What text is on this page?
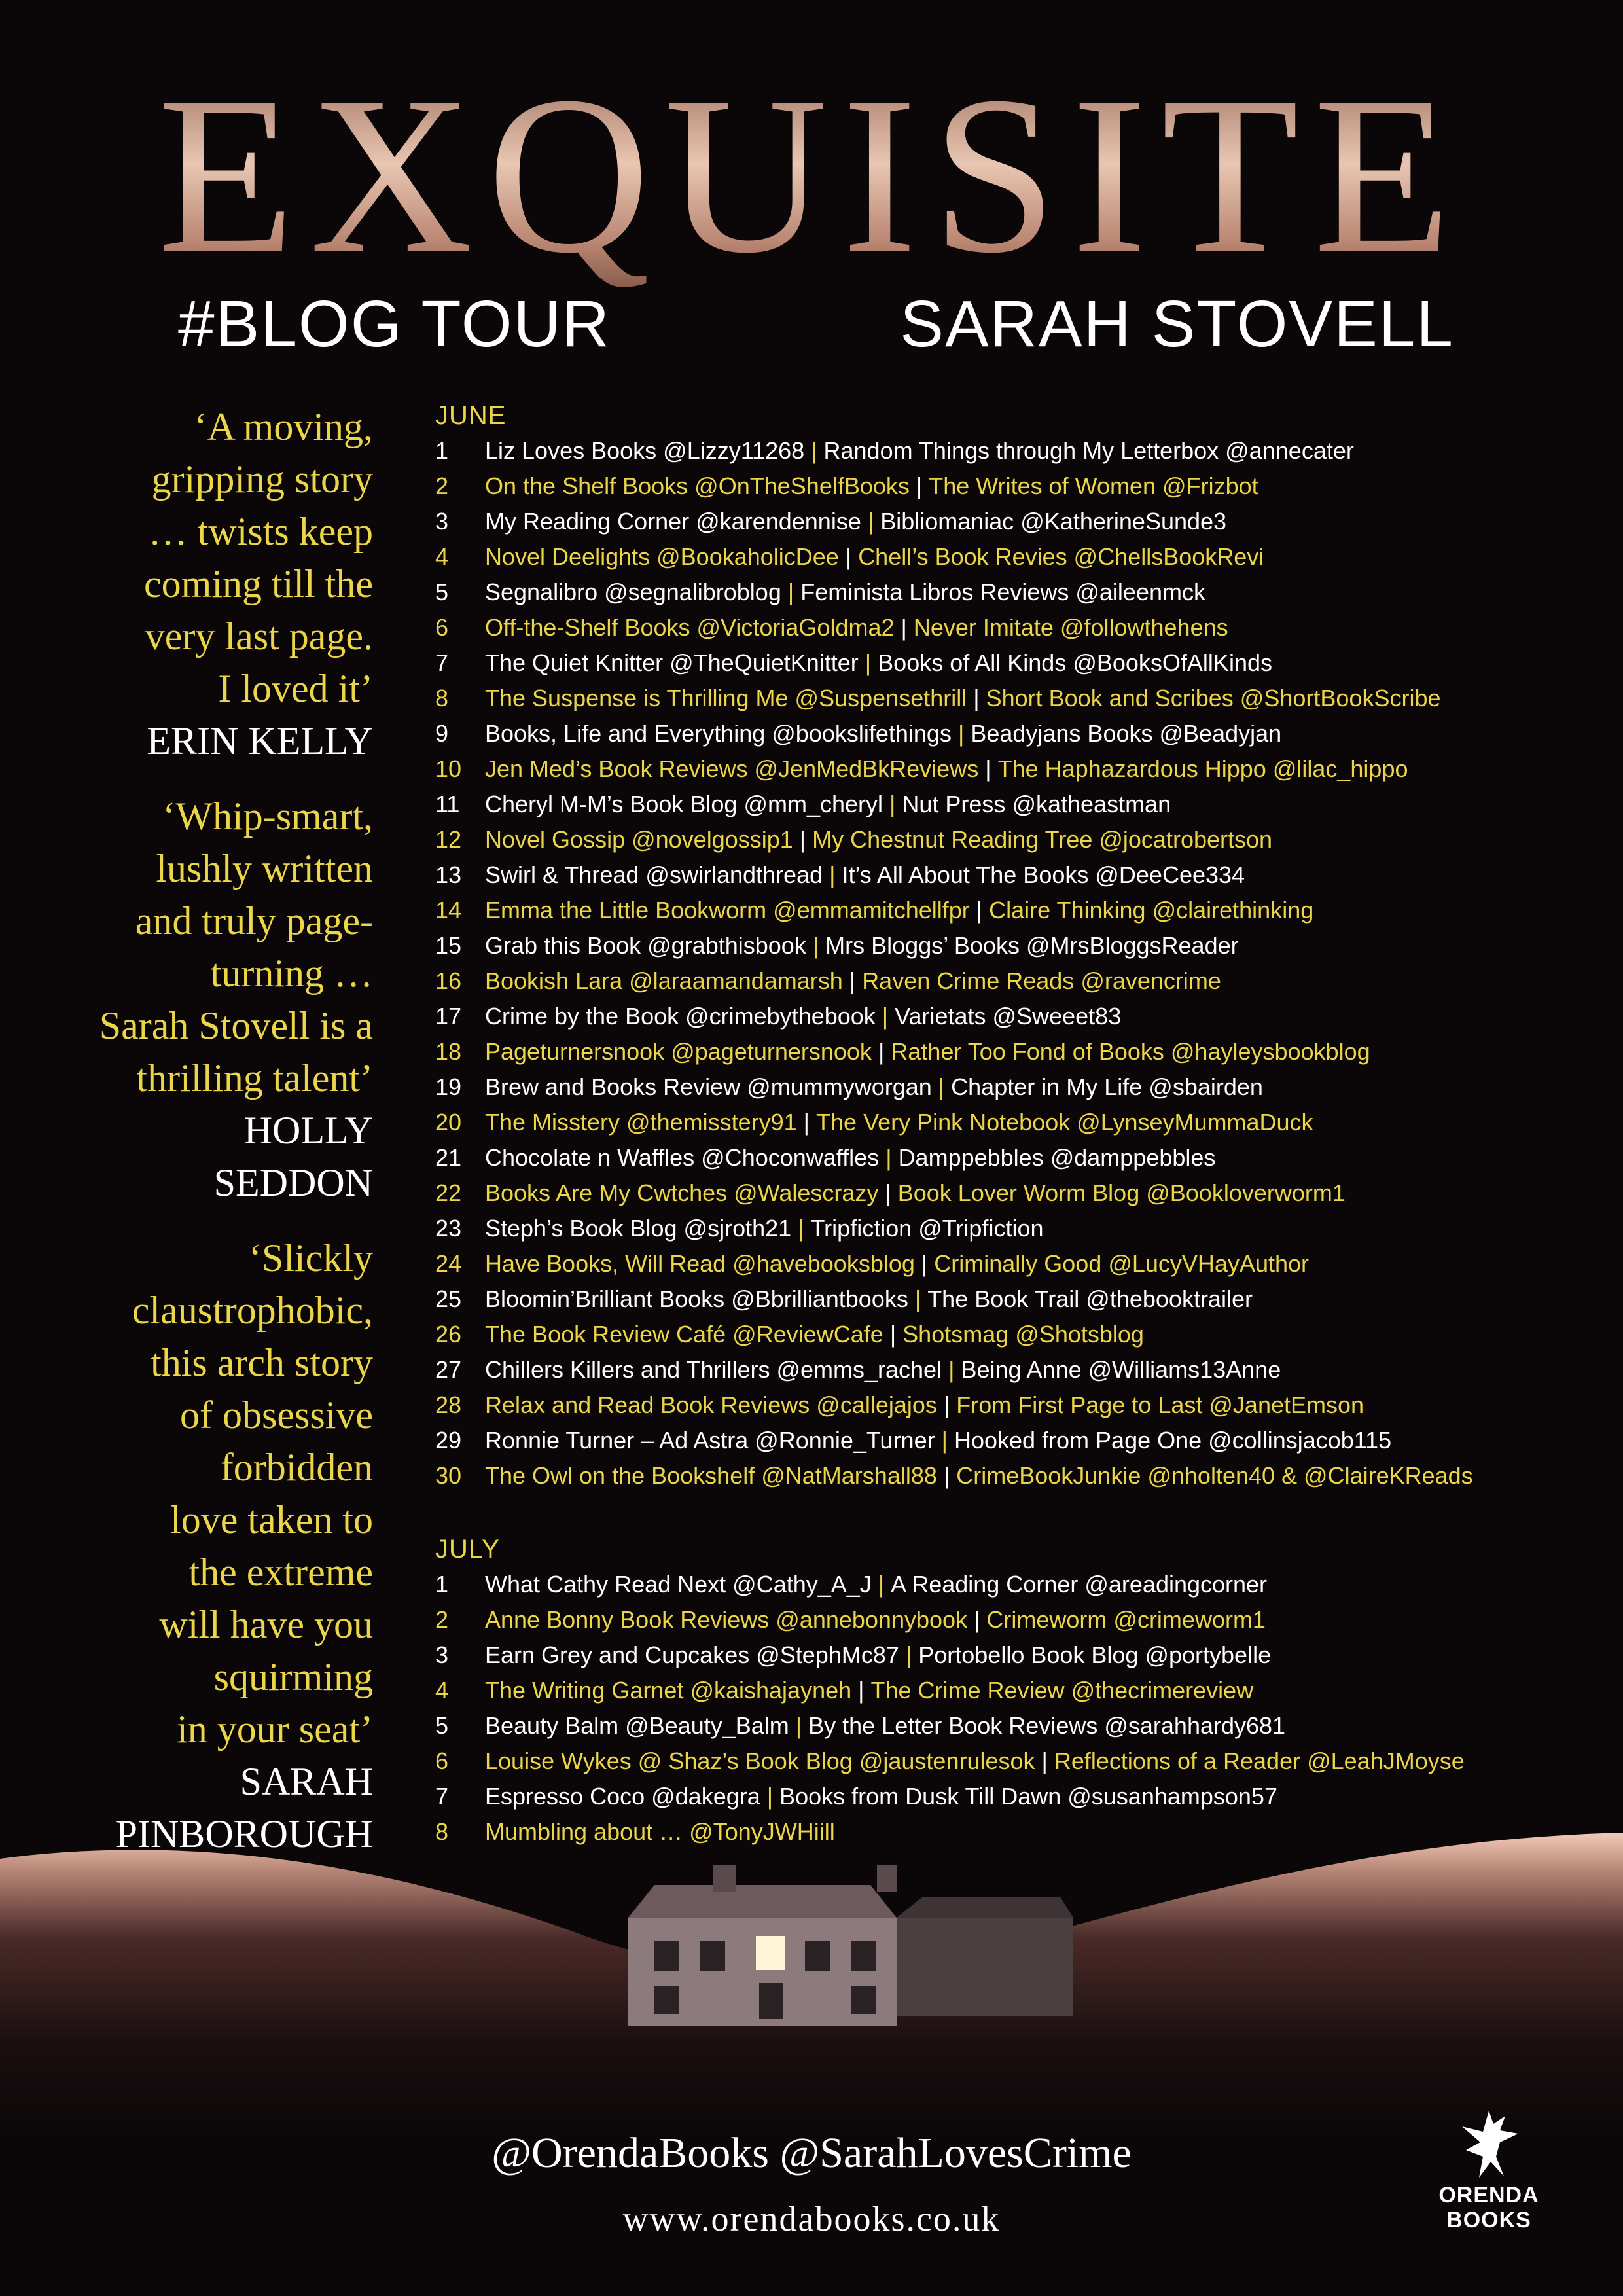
EXQUISITE
#BLOG TOUR	SARAH STOVELL

‘A moving,
gripping story
… twists keep
coming till the
very last page.
I loved it’

ERIN KELLY

‘Whip-smart,
lushly written
and truly page-
turning …
Sarah Stovell is a
thrilling talent’

HOLLY
SEDDON

‘Slickly
claustrophobic,
this arch story
of obsessive
forbidden
love taken to
the extreme
will have you
squirming
in your seat’

SARAH
PINBOROUGH

JUNE
1	Liz Loves Books @Lizzy11268 | Random Things through My Letterbox @annecater
2	On the Shelf Books @OnTheShelfBooks | The Writes of Women @Frizbot
3	My Reading Corner @karendennise | Bibliomaniac @KatherineSunde3
4	Novel Deelights @BookaholicDee | Chell’s Book Revies @ChellsBookRevi
5	Segnalibro @segnalibroblog | Feminista Libros Reviews @aileenmck
6	Off-the-Shelf Books @VictoriaGoldma2 | Never Imitate @followthehens
7	The Quiet Knitter @TheQuietKnitter | Books of All Kinds @BooksOfAllKinds
8	The Suspense is Thrilling Me @Suspensethrill | Short Book and Scribes @ShortBookScribe
9	Books, Life and Everything @bookslifethings | Beadyjans Books @Beadyjan
10 Jen Med’s Book Reviews @JenMedBkReviews | The Haphazardous Hippo @lilac_hippo
11	Cheryl M-M’s Book Blog @mm_cheryl | Nut Press @katheastman
12 Novel Gossip @novelgossip1 | My Chestnut Reading Tree @jocatrobertson
13 Swirl & Thread @swirlandthread | It’s All About The Books @DeeCee334
14 Emma the Little Bookworm @emmamitchellfpr | Claire Thinking @clairethinking
15 Grab this Book @grabthisbook | Mrs Bloggs’ Books @MrsBloggsReader
16 Bookish Lara @laraamandamarsh | Raven Crime Reads @ravencrime
17 Crime by the Book @crimebythebook | Varietats @Sweeet83
18 Pageturnersnook @pageturnersnook | Rather Too Fond of Books @hayleysbookblog
19 Brew and Books Review @mummyworgan | Chapter in My Life @sbairden
20 The Misstery @themisstery91 | The Very Pink Notebook @LynseyMummaDuck
21 Chocolate n Waffles @Choconwaffles | Damppebbles @damppebbles
22 Books Are My Cwtches @Walescrazy | Book Lover Worm Blog @Bookloverworm1
23 Steph’s Book Blog @sjroth21 | Tripfiction @Tripfiction
24 Have Books, Will Read @havebooksblog | Criminally Good @LucyVHayAuthor
25 Bloomin’Brilliant Books @Bbrilliantbooks | The Book Trail @thebooktrailer
26 The Book Review Café @ReviewCafe | Shotsmag @Shotsblog
27 Chillers Killers and Thrillers @emms_rachel | Being Anne @Williams13Anne
28 Relax and Read Book Reviews @callejajos | From First Page to Last @JanetEmson
29 Ronnie Turner – Ad Astra @Ronnie_Turner | Hooked from Page One @collinsjacob115
30 The Owl on the Bookshelf @NatMarshall88 | CrimeBookJunkie @nholten40 & @ClaireKReads
JULY
1	What Cathy Read Next @Cathy_A_J | A Reading Corner @areadingcorner
2	Anne Bonny Book Reviews @annebonnybook | Crimeworm @crimeworm1
3	Earn Grey and Cupcakes @StephMc87 | Portobello Book Blog @portybelle
4	The Writing Garnet @kaishajayneh | The Crime Review @thecrimereview
5	Beauty Balm @Beauty_Balm | By the Letter Book Reviews @sarahhardy681
6	Louise Wykes @ Shaz’s Book Blog @jaustenrulesok | Reflections of a Reader @LeahJMoyse
7	Espresso Coco @dakegra | Books from Dusk Till Dawn @susanhampson57
8	Mumbling about … @TonyJWHiill
@OrendaBooks @SarahLovesCrime
www.orendabooks.co.uk
ORENDA
BOOKS
